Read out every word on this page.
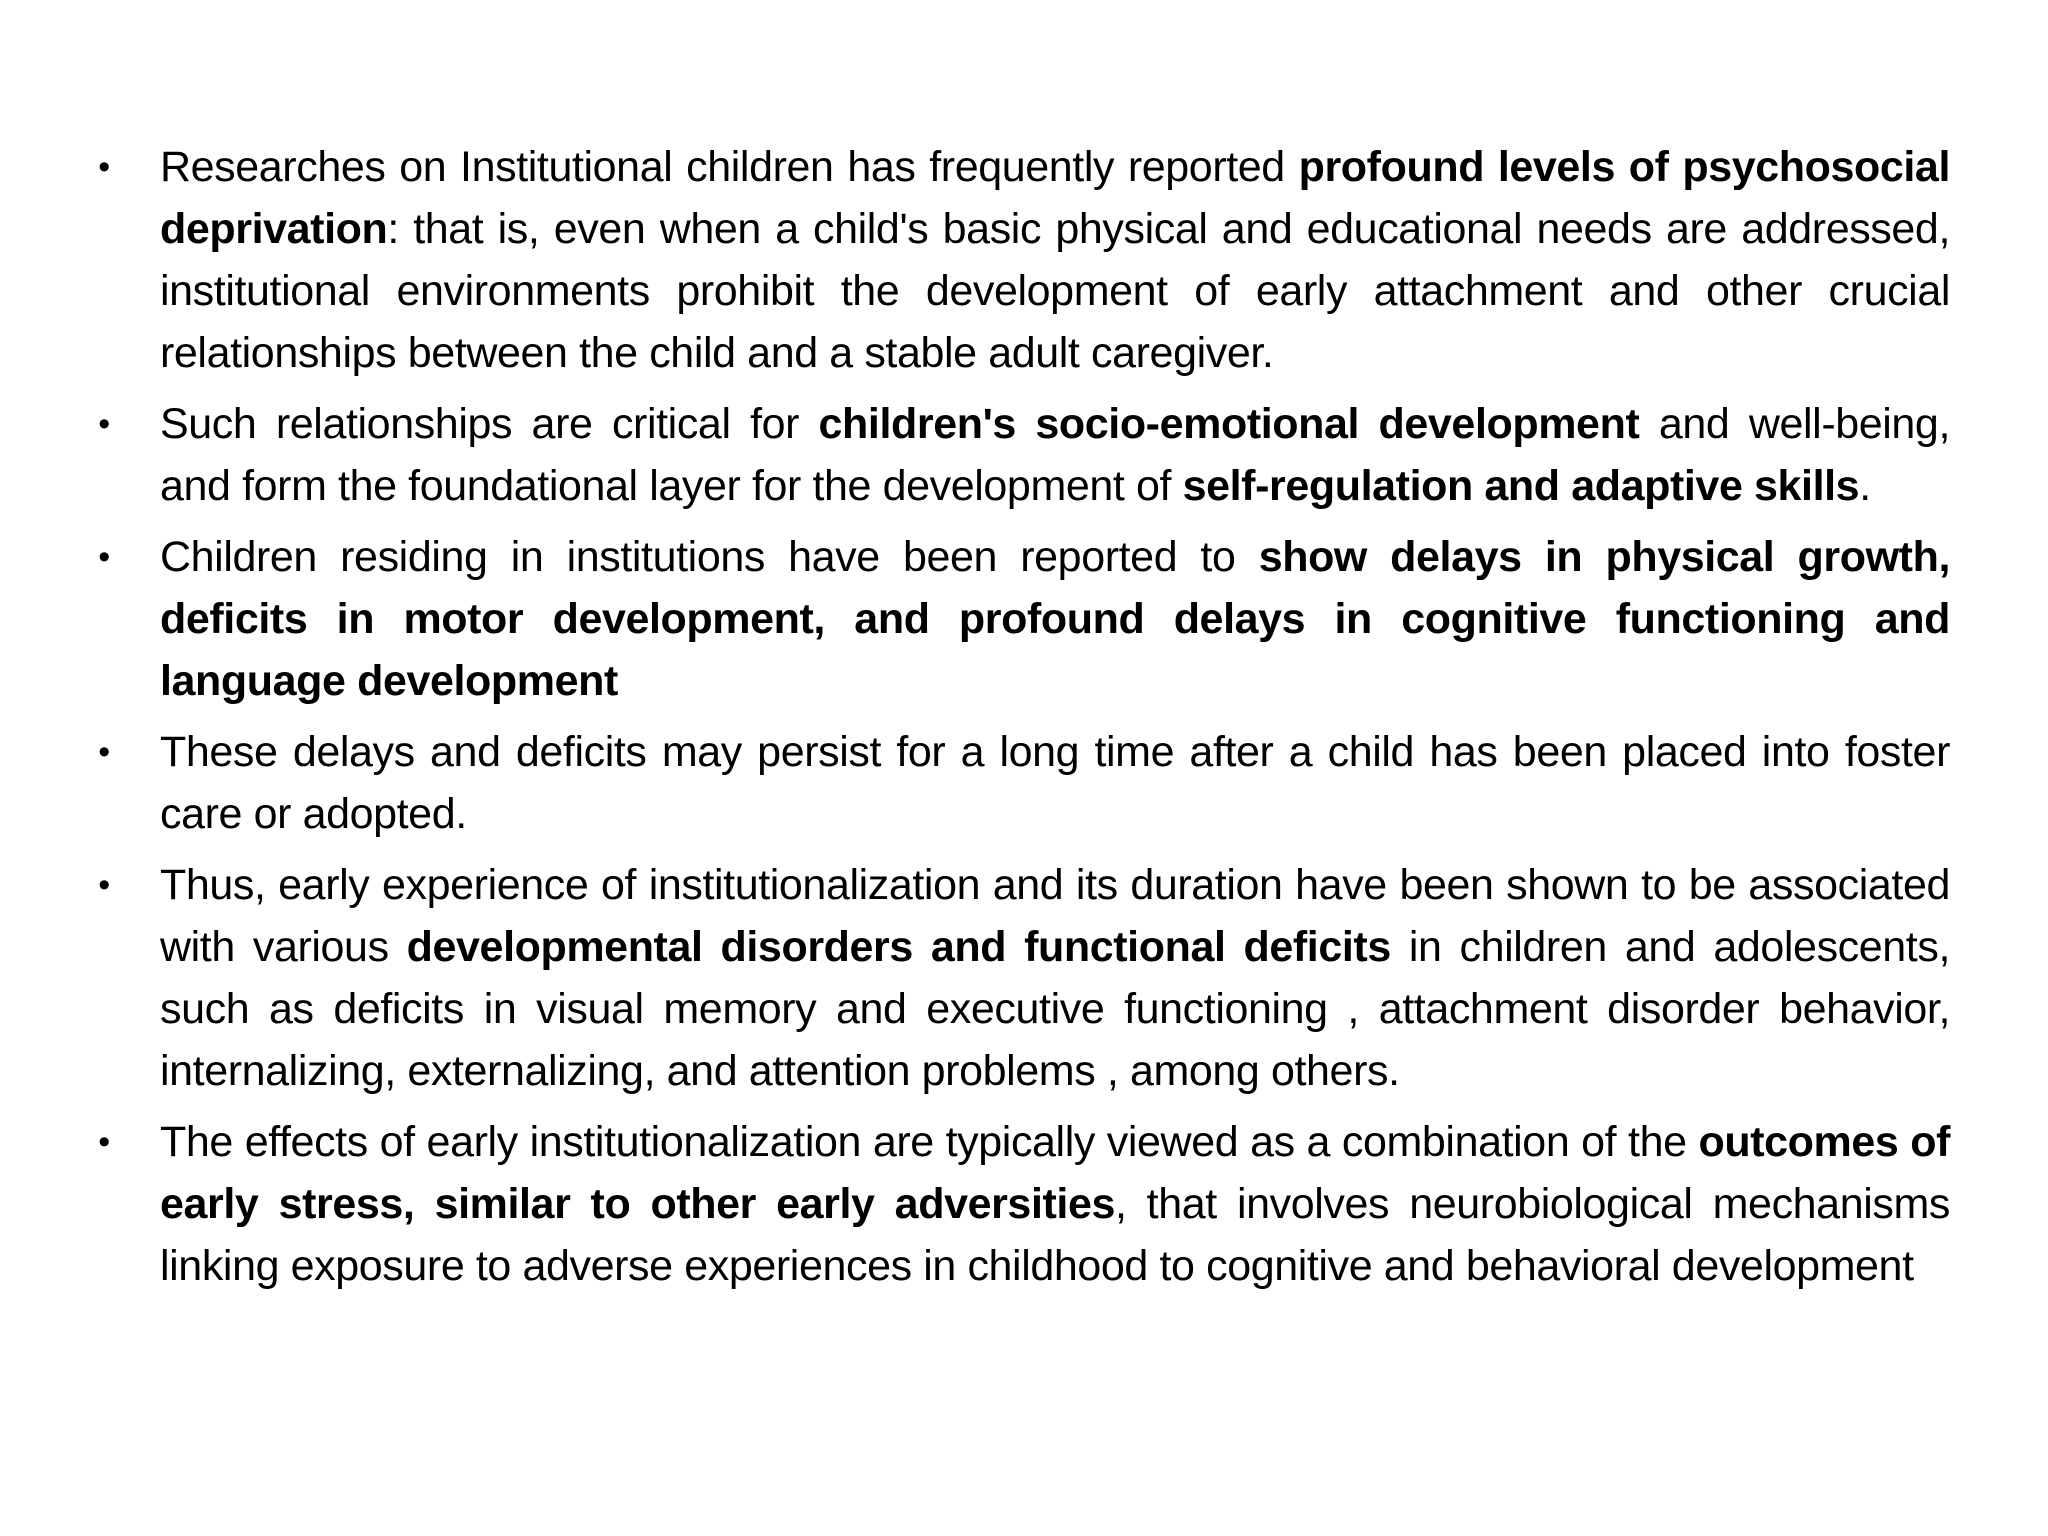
• Researches on Institutional children has frequently reported profound levels of psychosocial deprivation: that is, even when a child's basic physical and educational needs are addressed, institutional environments prohibit the development of early attachment and other crucial relationships between the child and a stable adult caregiver.
• Such relationships are critical for children's socio-emotional development and well-being, and form the foundational layer for the development of self-regulation and adaptive skills.
• Children residing in institutions have been reported to show delays in physical growth, deficits in motor development, and profound delays in cognitive functioning and language development
• These delays and deficits may persist for a long time after a child has been placed into foster care or adopted.
• Thus, early experience of institutionalization and its duration have been shown to be associated with various developmental disorders and functional deficits in children and adolescents, such as deficits in visual memory and executive functioning , attachment disorder behavior, internalizing, externalizing, and attention problems , among others.
• The effects of early institutionalization are typically viewed as a combination of the outcomes of early stress, similar to other early adversities, that involves neurobiological mechanisms linking exposure to adverse experiences in childhood to cognitive and behavioral development
